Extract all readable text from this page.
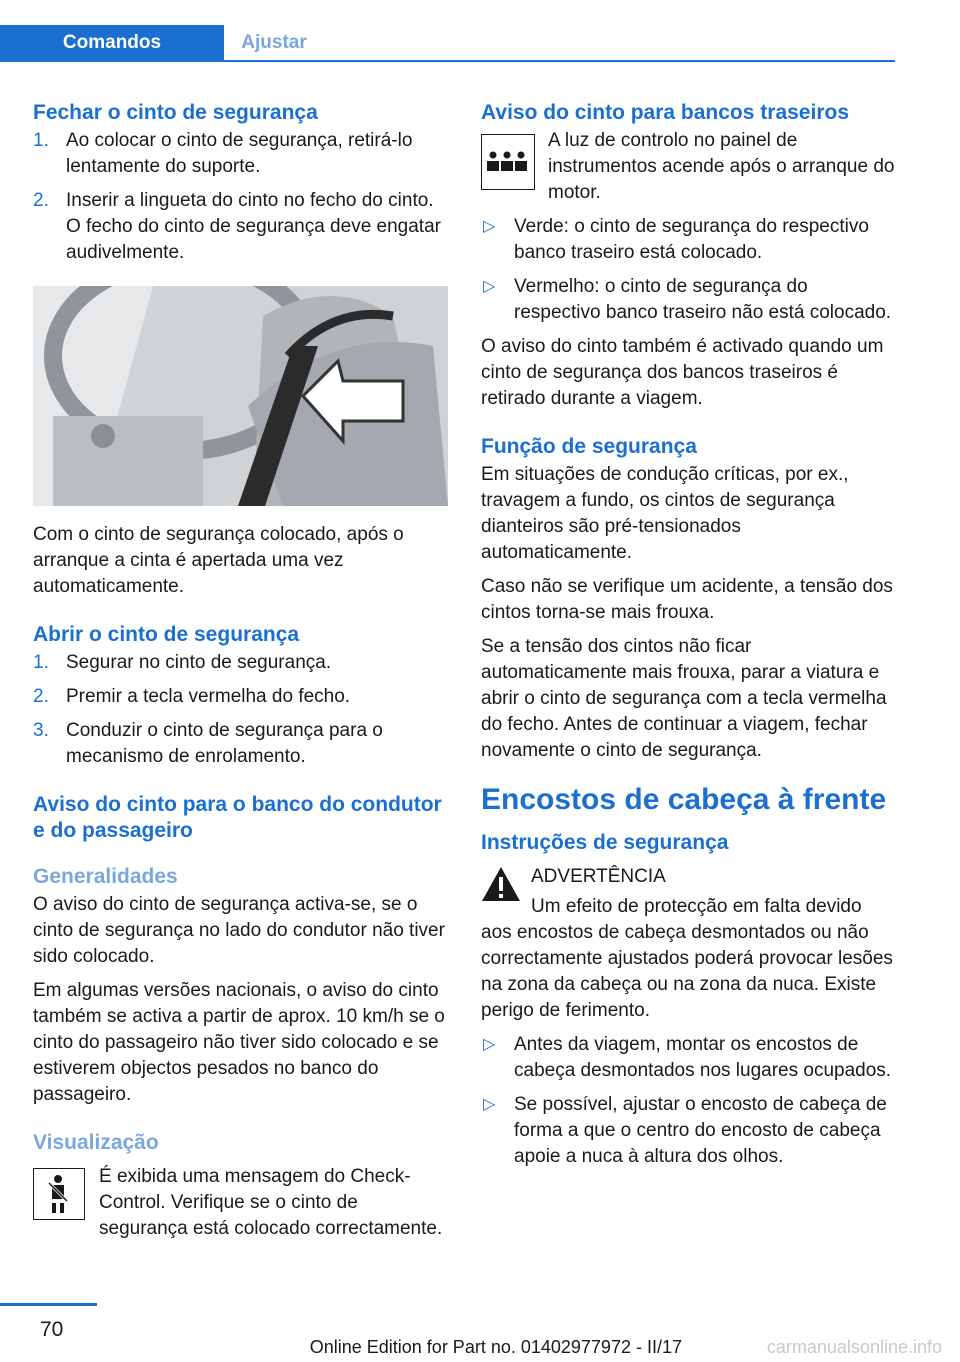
Comandos	Ajustar
Fechar o cinto de segurança
1. Ao colocar o cinto de segurança, retirá-lo lentamente do suporte.
2. Inserir a lingueta do cinto no fecho do cinto. O fecho do cinto de segurança deve engatar audivelmente.

Com o cinto de segurança colocado, após o arranque a cinta é apertada uma vez automaticamente.

Abrir o cinto de segurança
1. Segurar no cinto de segurança.
2. Premir a tecla vermelha do fecho.
3. Conduzir o cinto de segurança para o mecanismo de enrolamento.
Aviso do cinto para o banco do condutor e do passageiro
Generalidades

O aviso do cinto de segurança activa-se, se o cinto de segurança no lado do condutor não tiver sido colocado.

Em algumas versões nacionais, o aviso do cinto também se activa a partir de aprox. 10 km/h se o cinto do passageiro não tiver sido colocado e se estiverem objectos pesados no banco do passageiro.

Visualização

É exibida uma mensagem do Check-Control. Verifique se o cinto de segurança está colocado correctamente.

Aviso do cinto para bancos traseiros

A luz de controlo no painel de instrumentos acende após o arranque do motor.

▷ Verde: o cinto de segurança do respectivo banco traseiro está colocado.
▷ Vermelho: o cinto de segurança do respectivo banco traseiro não está colocado.

O aviso do cinto também é activado quando um cinto de segurança dos bancos traseiros é retirado durante a viagem.

Função de segurança

Em situações de condução críticas, por ex., travagem a fundo, os cintos de segurança dianteiros são pré-tensionados automaticamente.

Caso não se verifique um acidente, a tensão dos cintos torna-se mais frouxa.

Se a tensão dos cintos não ficar automaticamente mais frouxa, parar a viatura e abrir o cinto de segurança com a tecla vermelha do fecho. Antes de continuar a viagem, fechar novamente o cinto de segurança.

Encostos de cabeça à frente
Instruções de segurança

ADVERTÊNCIA

Um efeito de protecção em falta devido aos encostos de cabeça desmontados ou não correctamente ajustados poderá provocar lesões na zona da cabeça ou na zona da nuca. Existe perigo de ferimento.

▷ Antes da viagem, montar os encostos de cabeça desmontados nos lugares ocupados.
▷ Se possível, ajustar o encosto de cabeça de forma a que o centro do encosto de cabeça apoie a nuca à altura dos olhos.
70
Online Edition for Part no. 01402977972 - II/17	carmanualsonline.info
